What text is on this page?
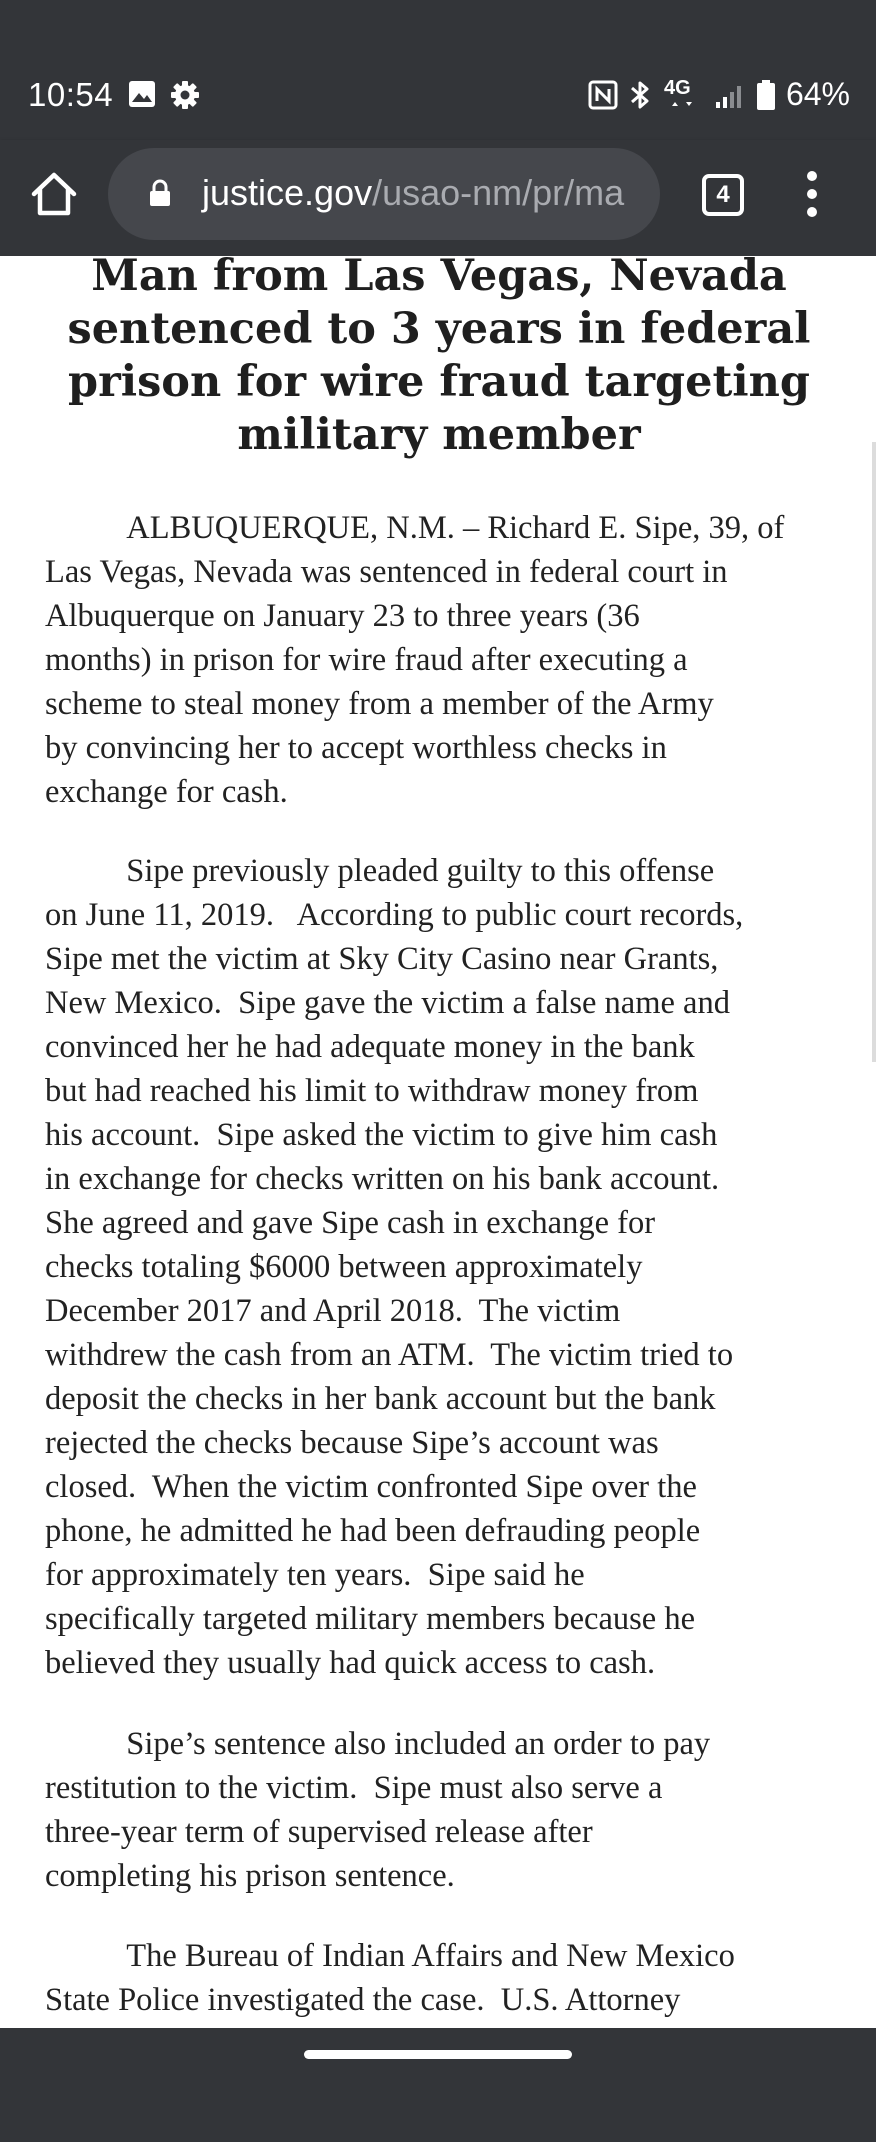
10:54	4G	64%
justice.gov/usao-nm/pr/ma	4
Man from Las Vegas, Nevada
sentenced to 3 years in federal
prison for wire fraud targeting
military member
ALBUQUERQUE, N.M. – Richard E. Sipe, 39, of
Las Vegas, Nevada was sentenced in federal court in
Albuquerque on January 23 to three years (36
months) in prison for wire fraud after executing a
scheme to steal money from a member of the Army
by convincing her to accept worthless checks in
exchange for cash.
Sipe previously pleaded guilty to this offense
on June 11, 2019.   According to public court records,
Sipe met the victim at Sky City Casino near Grants,
New Mexico.  Sipe gave the victim a false name and
convinced her he had adequate money in the bank
but had reached his limit to withdraw money from
his account.  Sipe asked the victim to give him cash
in exchange for checks written on his bank account.
She agreed and gave Sipe cash in exchange for
checks totaling $6000 between approximately
December 2017 and April 2018.  The victim
withdrew the cash from an ATM.  The victim tried to
deposit the checks in her bank account but the bank
rejected the checks because Sipe’s account was
closed.  When the victim confronted Sipe over the
phone, he admitted he had been defrauding people
for approximately ten years.  Sipe said he
specifically targeted military members because he
believed they usually had quick access to cash.
Sipe’s sentence also included an order to pay
restitution to the victim.  Sipe must also serve a
three-year term of supervised release after
completing his prison sentence.
The Bureau of Indian Affairs and New Mexico
State Police investigated the case.  U.S. Attorney
